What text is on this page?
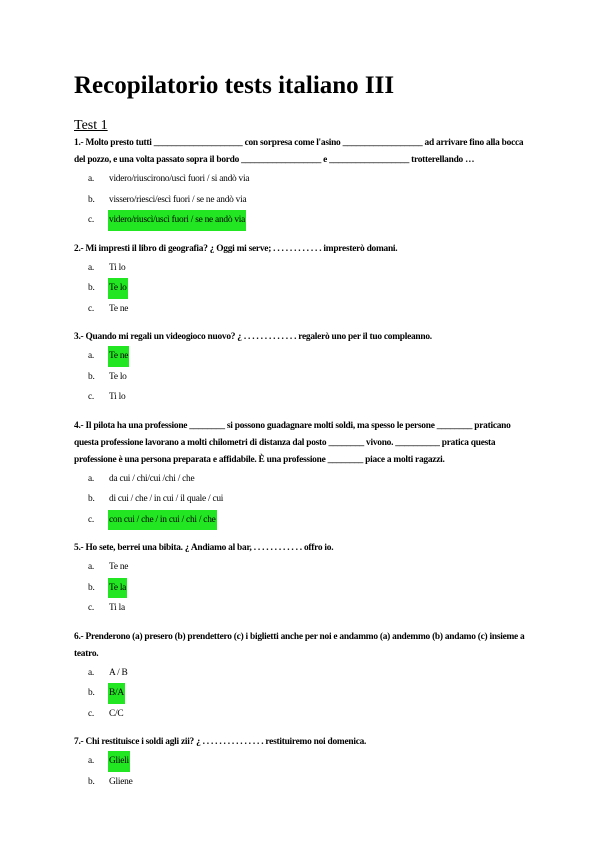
Recopilatorio tests italiano III
Test 1

1.- Molto presto tutti ____________________ con sorpresa come l'asino __________________ ad arrivare fino alla bocca del pozzo, e una volta passato sopra il bordo __________________ e __________________ trotterellando …

a. videro/riuscirono/uscì fuori / si andò via
b. vissero/riesci/escì fuori / se ne andò via
c. videro/riuscì/uscì fuori / se ne andò via

2.- Mi impresti il libro di geografia? ¿ Oggi mi serve; . . . . . . . . . . . . impresterò domani.

a. Ti lo
b. Te lo
c. Te ne

3.- Quando mi regali un videogioco nuovo? ¿ . . . . . . . . . . . . . regalerò uno per il tuo compleanno.

a. Te ne
b. Te lo
c. Ti lo

4.- Il pilota ha una professione ________ si possono guadagnare molti soldi, ma spesso le persone ________ praticano questa professione lavorano a molti chilometri di distanza dal posto ________ vivono. __________ pratica questa professione è una persona preparata e affidabile. È una professione ________ piace a molti ragazzi.

a. da cui / chi/cui /chi / che
b. di cui / che / in cui / il quale / cui
c. con cui / che / in cui / chi / che

5.- Ho sete, berrei una bibita. ¿ Andiamo al bar, . . . . . . . . . . . . offro io.

a. Te ne
b. Te la
c. Ti la

6.- Prenderono (a) presero (b) prendettero (c) i biglietti anche per noi e andammo (a) andemmo (b) andamo (c) insieme a teatro.

a. A / B
b. B/A
c. C/C

7.- Chi restituisce i soldi agli zii? ¿ . . . . . . . . . . . . . . . restituiremo noi domenica.

a. Glieli
b. Gliene
